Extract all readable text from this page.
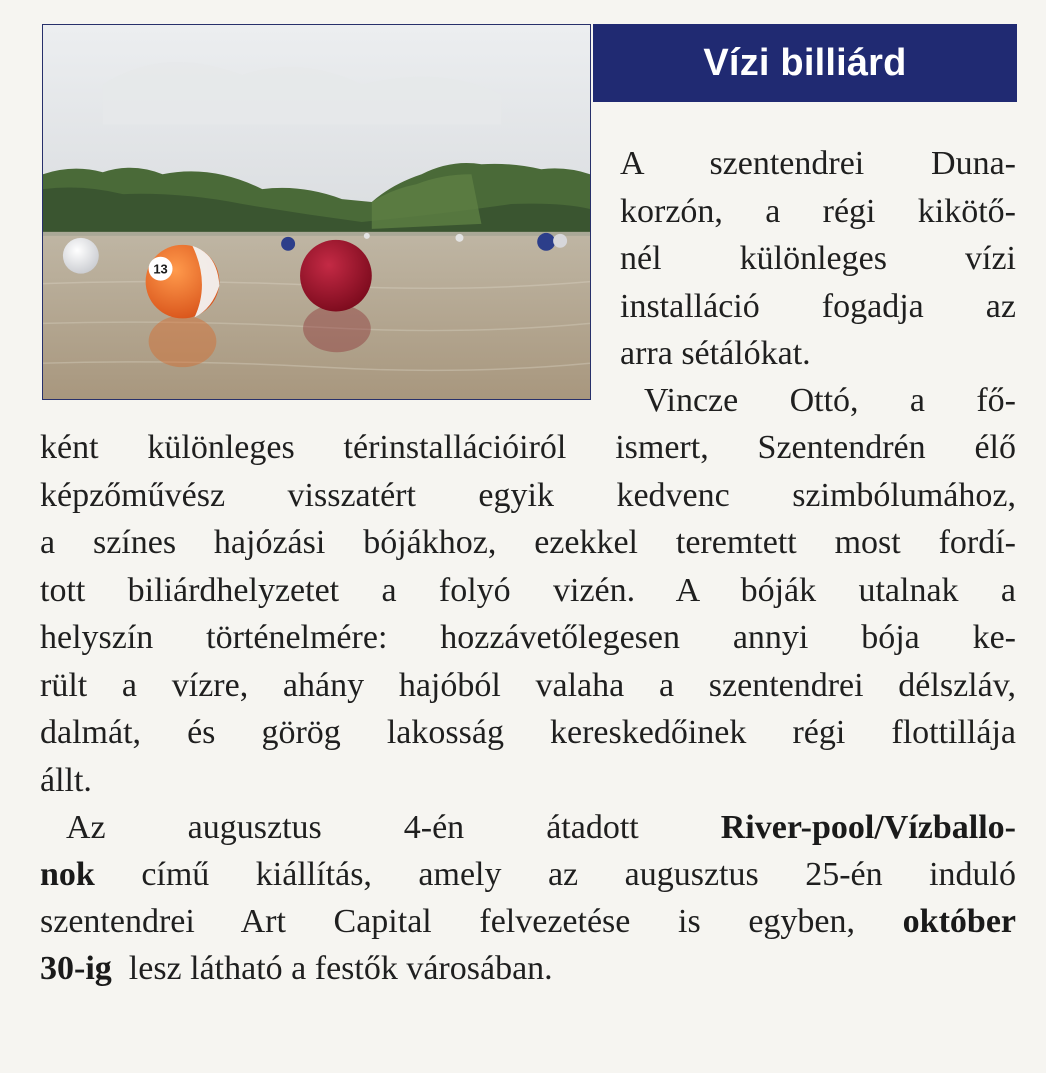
13
Vízi billiárd
A szentendrei Duna-
korzón, a régi kikötő-
nél különleges vízi
installáció fogadja az
arra sétálókat.
Vincze Ottó, a fő-
ként különleges térinstallációiról ismert, Szentendrén élő
képzőművész visszatért egyik kedvenc szimbólumához,
a színes hajózási bójákhoz, ezekkel teremtett most fordí-
tott biliárdhelyzetet a folyó vizén. A bóják utalnak a
helyszín történelmére: hozzávetőlegesen annyi bója ke-
rült a vízre, ahány hajóból valaha a szentendrei délszláv,
dalmát, és görög lakosság kereskedőinek régi flottillája
állt.
Az augusztus 4-én átadott River-pool/Vízballo-
nok című kiállítás, amely az augusztus 25-én induló
szentendrei Art Capital felvezetése is egyben, október
30-ig  lesz látható a festők városában.
